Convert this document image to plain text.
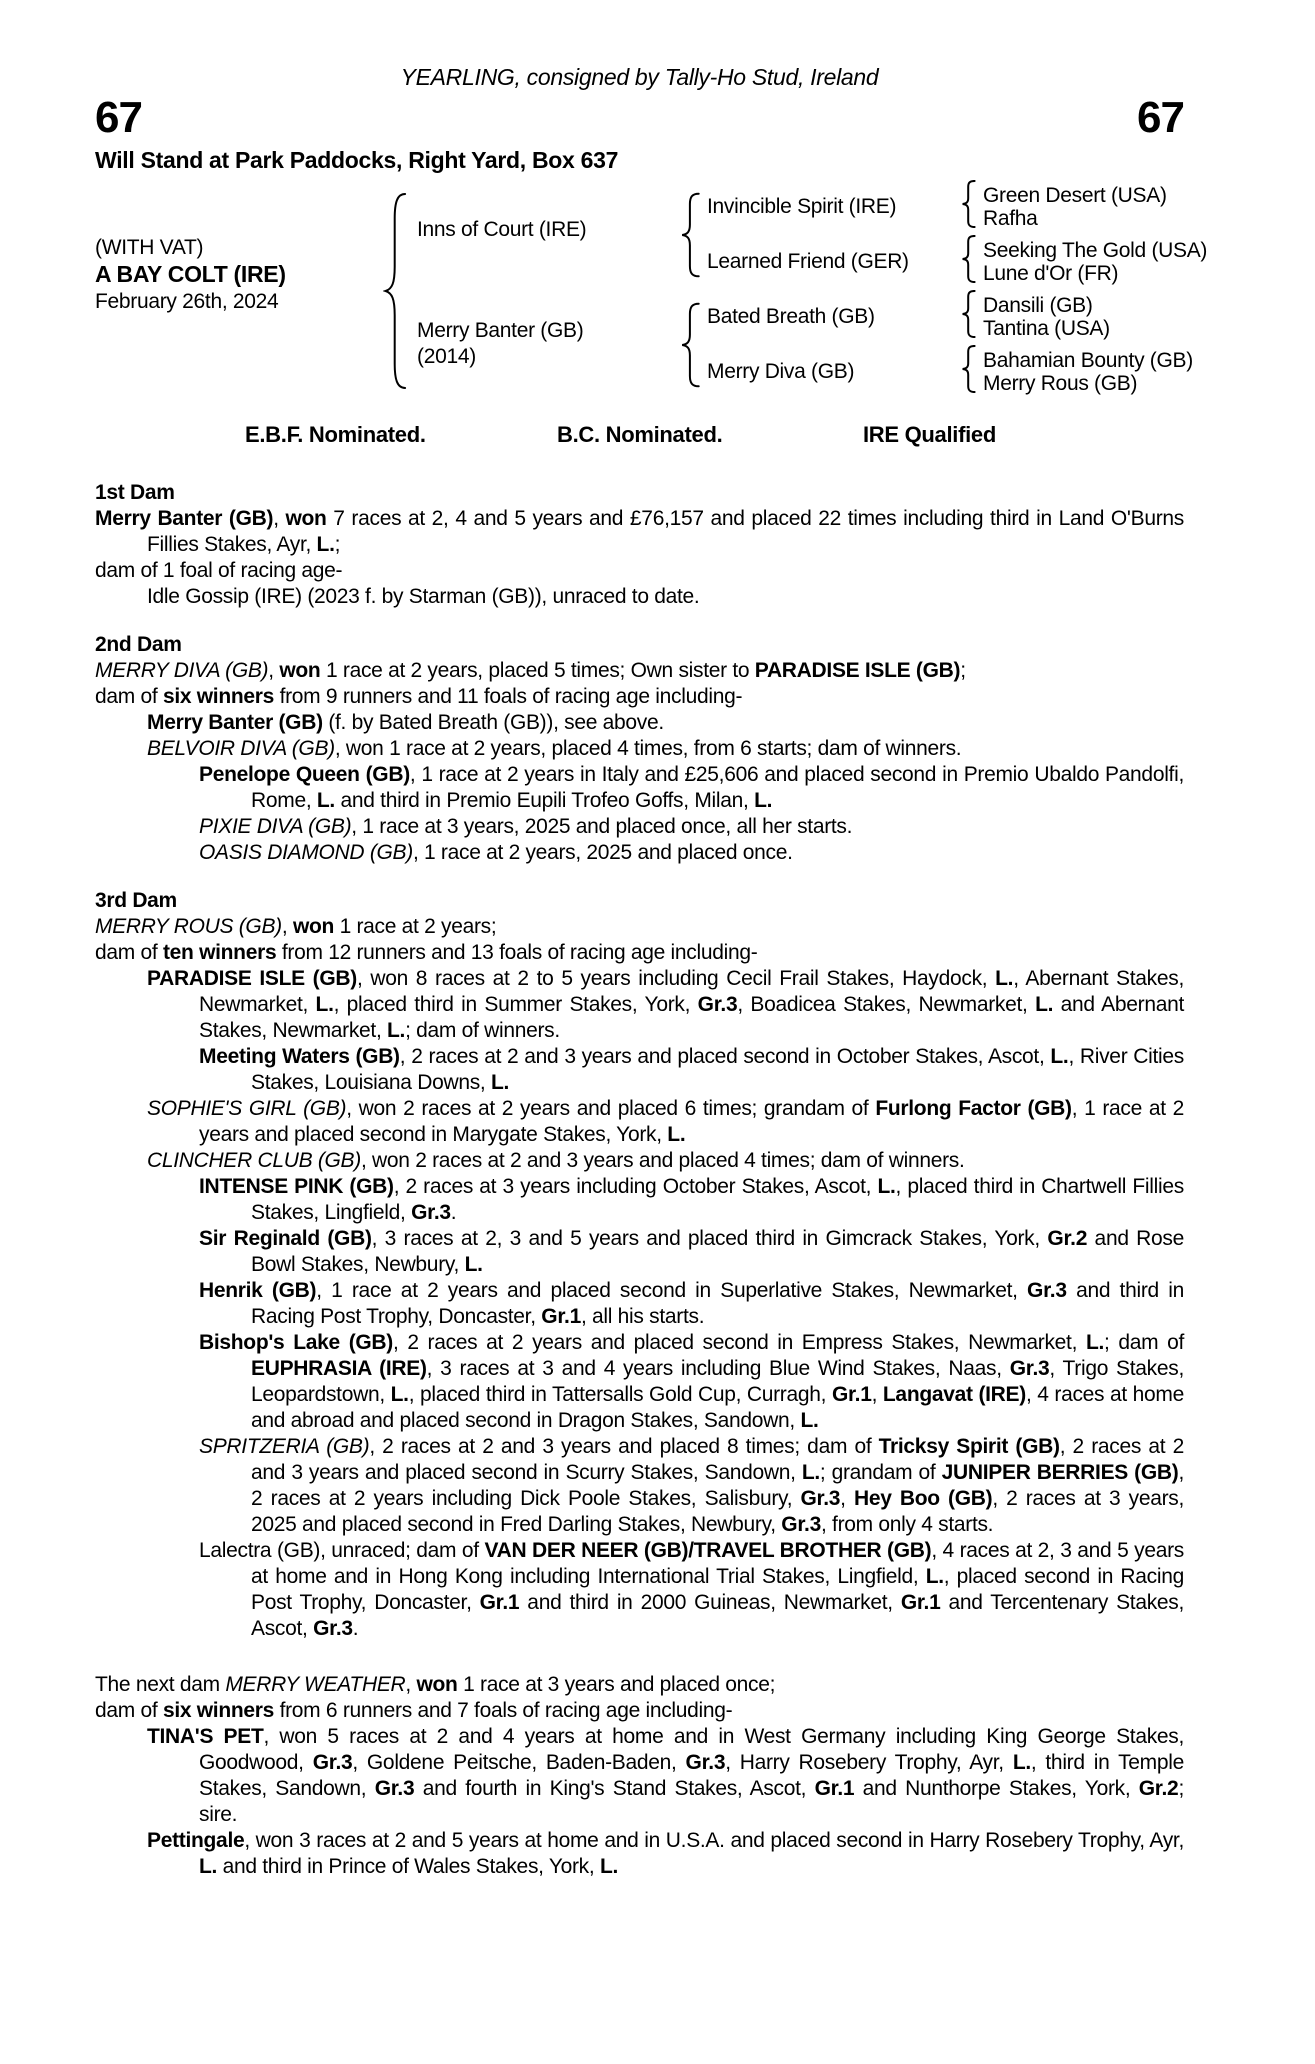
YEARLING, consigned by Tally-Ho Stud, Ireland
67	67
Will Stand at Park Paddocks, Right Yard, Box 637
(WITH VAT)
A BAY COLT (IRE)
February 26th, 2024
Inns of Court (IRE)
Merry Banter (GB)
(2014)
Invincible Spirit (IRE)
Learned Friend (GER)
Bated Breath (GB)
Merry Diva (GB)
Green Desert (USA)
Rafha
Seeking The Gold (USA)
Lune d'Or (FR)
Dansili (GB)
Tantina (USA)
Bahamian Bounty (GB)
Merry Rous (GB)
E.B.F. Nominated.	B.C. Nominated.	IRE Qualified
1st Dam

Merry Banter (GB), won 7 races at 2, 4 and 5 years and £76,157 and placed 22 times including third in Land O'Burns Fillies Stakes, Ayr, L.;

dam of 1 foal of racing age-

Idle Gossip (IRE) (2023 f. by Starman (GB)), unraced to date.

2nd Dam

MERRY DIVA (GB), won 1 race at 2 years, placed 5 times; Own sister to PARADISE ISLE (GB);

dam of six winners from 9 runners and 11 foals of racing age including-

Merry Banter (GB) (f. by Bated Breath (GB)), see above.

BELVOIR DIVA (GB), won 1 race at 2 years, placed 4 times, from 6 starts; dam of winners.

Penelope Queen (GB), 1 race at 2 years in Italy and £25,606 and placed second in Premio Ubaldo Pandolfi, Rome, L. and third in Premio Eupili Trofeo Goffs, Milan, L.

PIXIE DIVA (GB), 1 race at 3 years, 2025 and placed once, all her starts.

OASIS DIAMOND (GB), 1 race at 2 years, 2025 and placed once.

3rd Dam

MERRY ROUS (GB), won 1 race at 2 years;

dam of ten winners from 12 runners and 13 foals of racing age including-

PARADISE ISLE (GB), won 8 races at 2 to 5 years including Cecil Frail Stakes, Haydock, L., Abernant Stakes, Newmarket, L., placed third in Summer Stakes, York, Gr.3, Boadicea Stakes, Newmarket, L. and Abernant Stakes, Newmarket, L.; dam of winners.

Meeting Waters (GB), 2 races at 2 and 3 years and placed second in October Stakes, Ascot, L., River Cities Stakes, Louisiana Downs, L.

SOPHIE'S GIRL (GB), won 2 races at 2 years and placed 6 times; grandam of Furlong Factor (GB), 1 race at 2 years and placed second in Marygate Stakes, York, L.

CLINCHER CLUB (GB), won 2 races at 2 and 3 years and placed 4 times; dam of winners.

INTENSE PINK (GB), 2 races at 3 years including October Stakes, Ascot, L., placed third in Chartwell Fillies Stakes, Lingfield, Gr.3.

Sir Reginald (GB), 3 races at 2, 3 and 5 years and placed third in Gimcrack Stakes, York, Gr.2 and Rose Bowl Stakes, Newbury, L.

Henrik (GB), 1 race at 2 years and placed second in Superlative Stakes, Newmarket, Gr.3 and third in Racing Post Trophy, Doncaster, Gr.1, all his starts.

Bishop's Lake (GB), 2 races at 2 years and placed second in Empress Stakes, Newmarket, L.; dam of EUPHRASIA (IRE), 3 races at 3 and 4 years including Blue Wind Stakes, Naas, Gr.3, Trigo Stakes, Leopardstown, L., placed third in Tattersalls Gold Cup, Curragh, Gr.1, Langavat (IRE), 4 races at home and abroad and placed second in Dragon Stakes, Sandown, L.

SPRITZERIA (GB), 2 races at 2 and 3 years and placed 8 times; dam of Tricksy Spirit (GB), 2 races at 2 and 3 years and placed second in Scurry Stakes, Sandown, L.; grandam of JUNIPER BERRIES (GB), 2 races at 2 years including Dick Poole Stakes, Salisbury, Gr.3, Hey Boo (GB), 2 races at 3 years, 2025 and placed second in Fred Darling Stakes, Newbury, Gr.3, from only 4 starts.

Lalectra (GB), unraced; dam of VAN DER NEER (GB)/TRAVEL BROTHER (GB), 4 races at 2, 3 and 5 years at home and in Hong Kong including International Trial Stakes, Lingfield, L., placed second in Racing Post Trophy, Doncaster, Gr.1 and third in 2000 Guineas, Newmarket, Gr.1 and Tercentenary Stakes, Ascot, Gr.3.

The next dam MERRY WEATHER, won 1 race at 3 years and placed once;

dam of six winners from 6 runners and 7 foals of racing age including-

TINA'S PET, won 5 races at 2 and 4 years at home and in West Germany including King George Stakes, Goodwood, Gr.3, Goldene Peitsche, Baden-Baden, Gr.3, Harry Rosebery Trophy, Ayr, L., third in Temple Stakes, Sandown, Gr.3 and fourth in King's Stand Stakes, Ascot, Gr.1 and Nunthorpe Stakes, York, Gr.2; sire.

Pettingale, won 3 races at 2 and 5 years at home and in U.S.A. and placed second in Harry Rosebery Trophy, Ayr, L. and third in Prince of Wales Stakes, York, L.
